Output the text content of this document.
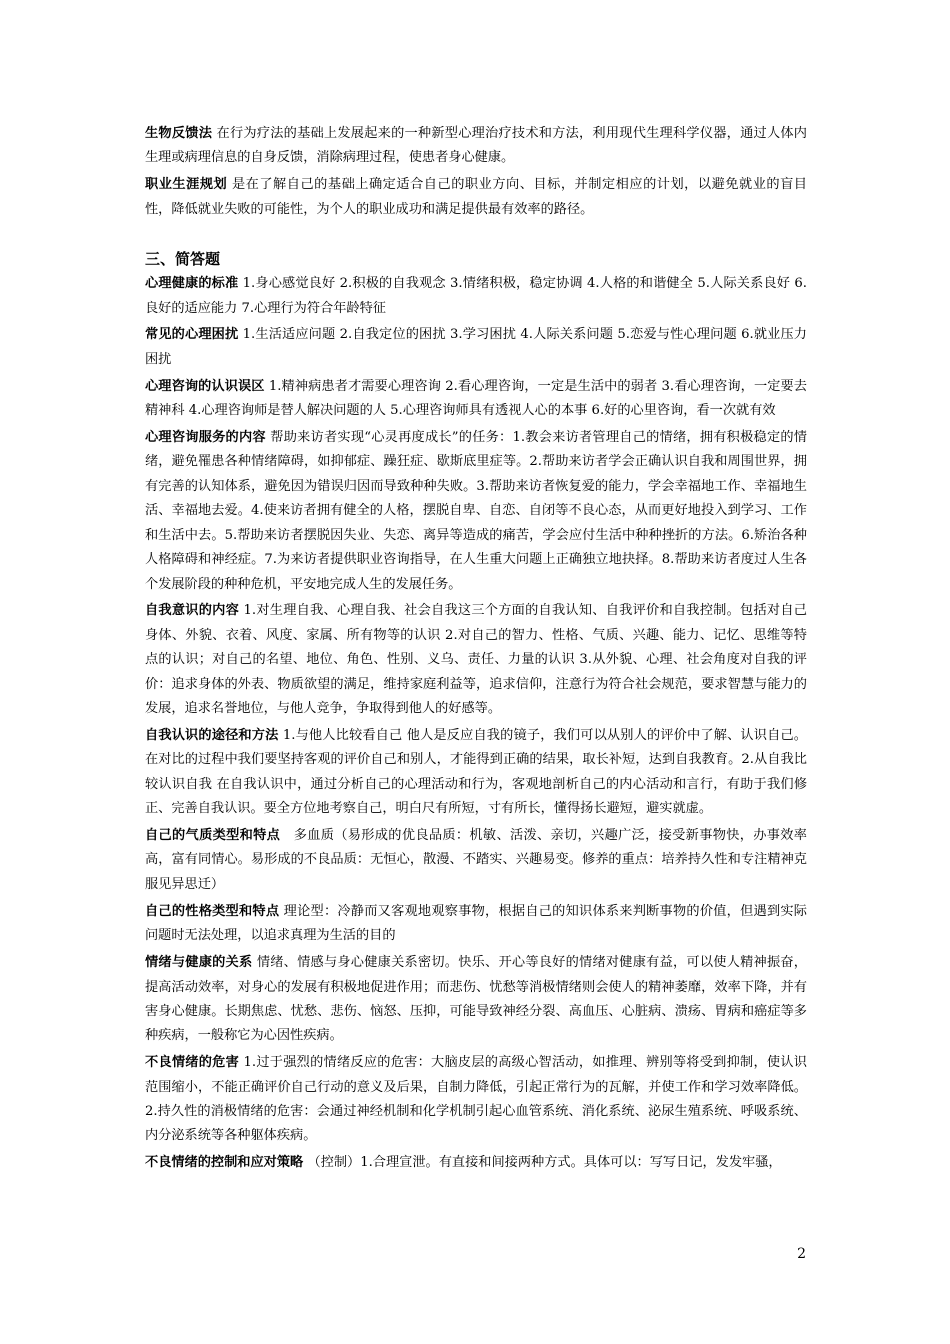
生物反馈法 在行为疗法的基础上发展起来的一种新型心理治疗技术和方法，利用现代生理科学仪器，通过人体内生理或病理信息的自身反馈，消除病理过程，使患者身心健康。

职业生涯规划 是在了解自己的基础上确定适合自己的职业方向、目标，并制定相应的计划，以避免就业的盲目性，降低就业失败的可能性，为个人的职业成功和满足提供最有效率的路径。

三、简答题

心理健康的标准 1.身心感觉良好 2.积极的自我观念 3.情绪积极，稳定协调 4.人格的和谐健全 5.人际关系良好 6.良好的适应能力 7.心理行为符合年龄特征

常见的心理困扰 1.生活适应问题 2.自我定位的困扰 3.学习困扰 4.人际关系问题 5.恋爱与性心理问题 6.就业压力困扰

心理咨询的认识误区 1.精神病患者才需要心理咨询 2.看心理咨询，一定是生活中的弱者 3.看心理咨询，一定要去精神科 4.心理咨询师是替人解决问题的人 5.心理咨询师具有透视人心的本事 6.好的心里咨询，看一次就有效

心理咨询服务的内容 帮助来访者实现“心灵再度成长”的任务：1.教会来访者管理自己的情绪，拥有积极稳定的情绪，避免罹患各种情绪障碍，如抑郁症、躁狂症、歇斯底里症等。2.帮助来访者学会正确认识自我和周围世界，拥有完善的认知体系，避免因为错误归因而导致种种失败。3.帮助来访者恢复爱的能力，学会幸福地工作、幸福地生活、幸福地去爱。4.使来访者拥有健全的人格，摆脱自卑、自恋、自闭等不良心态，从而更好地投入到学习、工作和生活中去。5.帮助来访者摆脱因失业、失恋、离异等造成的痛苦，学会应付生活中种种挫折的方法。6.矫治各种人格障碍和神经症。7.为来访者提供职业咨询指导，在人生重大问题上正确独立地抉择。8.帮助来访者度过人生各个发展阶段的种种危机，平安地完成人生的发展任务。

自我意识的内容 1.对生理自我、心理自我、社会自我这三个方面的自我认知、自我评价和自我控制。包括对自己身体、外貌、衣着、风度、家属、所有物等的认识 2.对自己的智力、性格、气质、兴趣、能力、记忆、思维等特点的认识；对自己的名望、地位、角色、性别、义乌、责任、力量的认识 3.从外貌、心理、社会角度对自我的评价：追求身体的外表、物质欲望的满足，维持家庭利益等，追求信仰，注意行为符合社会规范，要求智慧与能力的发展，追求名誉地位，与他人竞争，争取得到他人的好感等。

自我认识的途径和方法 1.与他人比较看自己 他人是反应自我的镜子，我们可以从别人的评价中了解、认识自己。在对比的过程中我们要坚持客观的评价自己和别人，才能得到正确的结果，取长补短，达到自我教育。2.从自我比较认识自我 在自我认识中，通过分析自己的心理活动和行为，客观地剖析自己的内心活动和言行，有助于我们修正、完善自我认识。要全方位地考察自己，明白尺有所短，寸有所长，懂得扬长避短，避实就虚。

自己的气质类型和特点　多血质（易形成的优良品质：机敏、活泼、亲切，兴趣广泛，接受新事物快，办事效率高，富有同情心。易形成的不良品质：无恒心，散漫、不踏实、兴趣易变。修养的重点：培养持久性和专注精神克服见异思迁）

自己的性格类型和特点 理论型：冷静而又客观地观察事物，根据自己的知识体系来判断事物的价值，但遇到实际问题时无法处理，以追求真理为生活的目的

情绪与健康的关系 情绪、情感与身心健康关系密切。快乐、开心等良好的情绪对健康有益，可以使人精神振奋，提高活动效率，对身心的发展有积极地促进作用；而悲伤、忧愁等消极情绪则会使人的精神萎靡，效率下降，并有害身心健康。长期焦虑、忧愁、悲伤、恼怒、压抑，可能导致神经分裂、高血压、心脏病、溃疡、胃病和癌症等多种疾病，一般称它为心因性疾病。

不良情绪的危害 1.过于强烈的情绪反应的危害：大脑皮层的高级心智活动，如推理、辨别等将受到抑制，使认识范围缩小，不能正确评价自己行动的意义及后果，自制力降低，引起正常行为的瓦解，并使工作和学习效率降低。2.持久性的消极情绪的危害：会通过神经机制和化学机制引起心血管系统、消化系统、泌尿生殖系统、呼吸系统、内分泌系统等各种躯体疾病。

不良情绪的控制和应对策略 （控制）1.合理宣泄。有直接和间接两种方式。具体可以：写写日记，发发牢骚，

2
